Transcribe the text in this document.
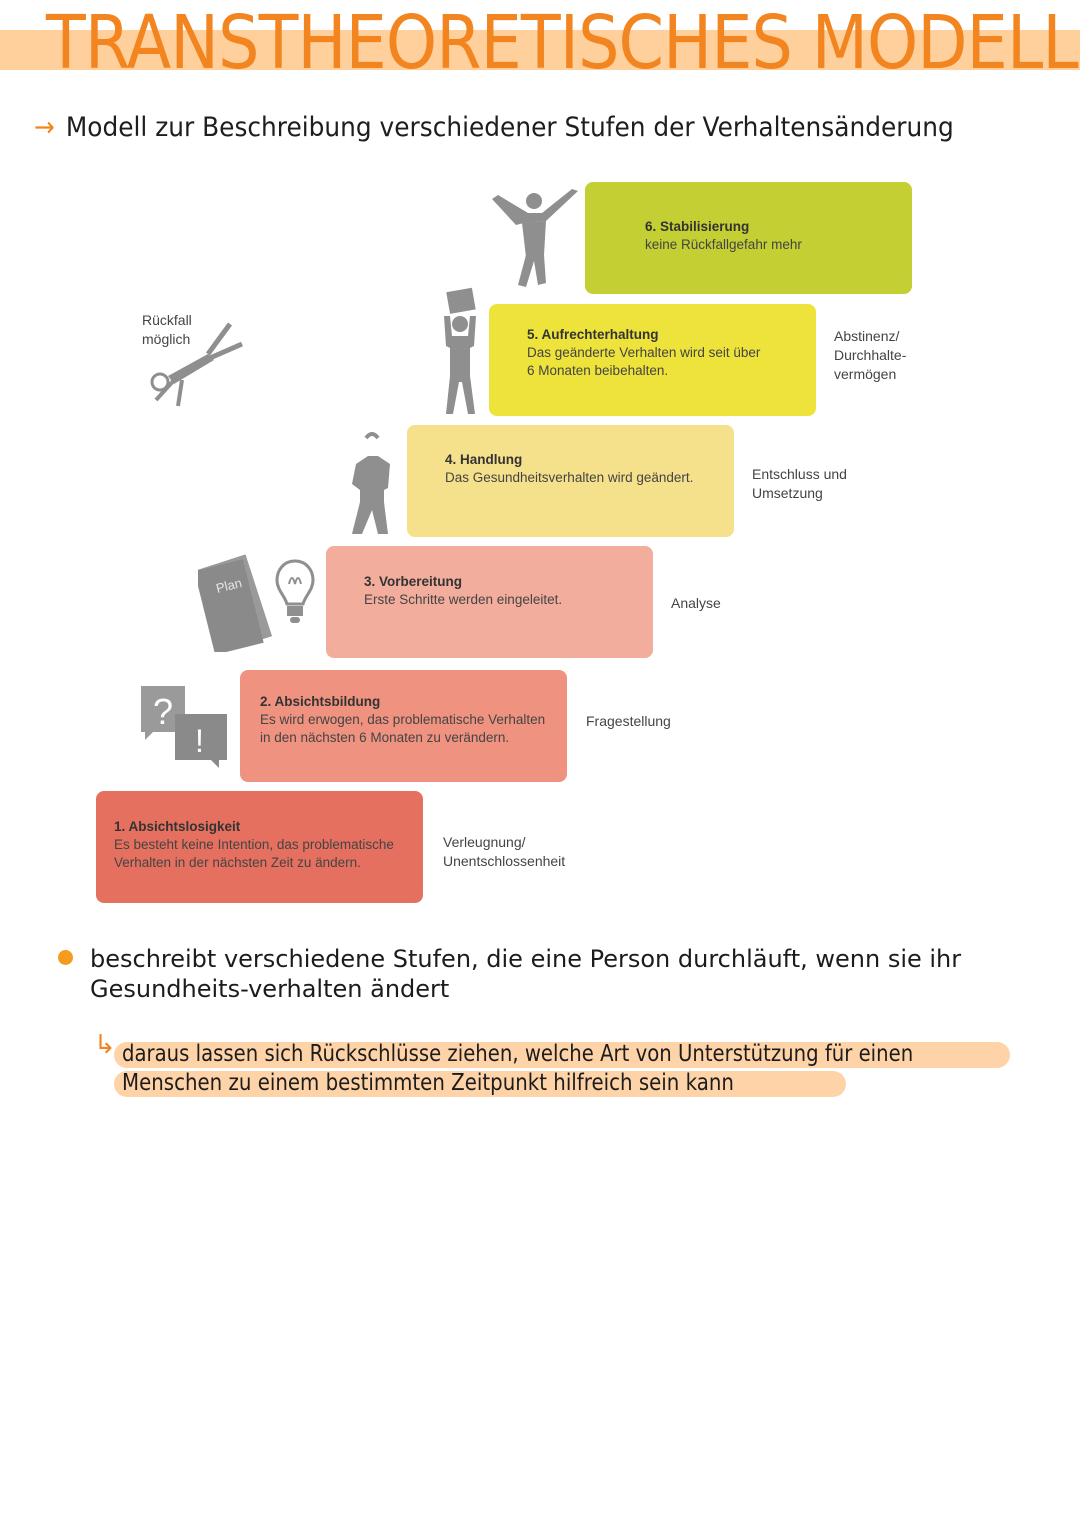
TRANSTHEORETISCHES MODELL
→ Modell zur Beschreibung verschiedener Stufen der Verhaltensänderung
6. Stabilisierung
keine Rückfallgefahr mehr
5. Aufrechterhaltung
Das geänderte Verhalten wird seit über
6 Monaten beibehalten.
Abstinenz/
Durchhalte-
vermögen
4. Handlung
Das Gesundheitsverhalten wird geändert.	Entschluss und
Umsetzung
3. Vorbereitung
Erste Schritte werden eingeleitet.	Analyse
2. Absichtsbildung
Es wird erwogen, das problematische Verhalten
in den nächsten 6 Monaten zu verändern.
Fragestellung
1. Absichtslosigkeit
Es besteht keine Intention, das problematische
Verhalten in der nächsten Zeit zu ändern.
Verleugnung/
Unentschlossenheit
Rückfall
möglich
Plan
?
!
beschreibt verschiedene Stufen, die eine Person durchläuft, wenn sie ihr Gesundheits-verhalten ändert
↳ daraus lassen sich Rückschlüsse ziehen, welche Art von Unterstützung für einen
Menschen zu einem bestimmten Zeitpunkt hilfreich sein kann
